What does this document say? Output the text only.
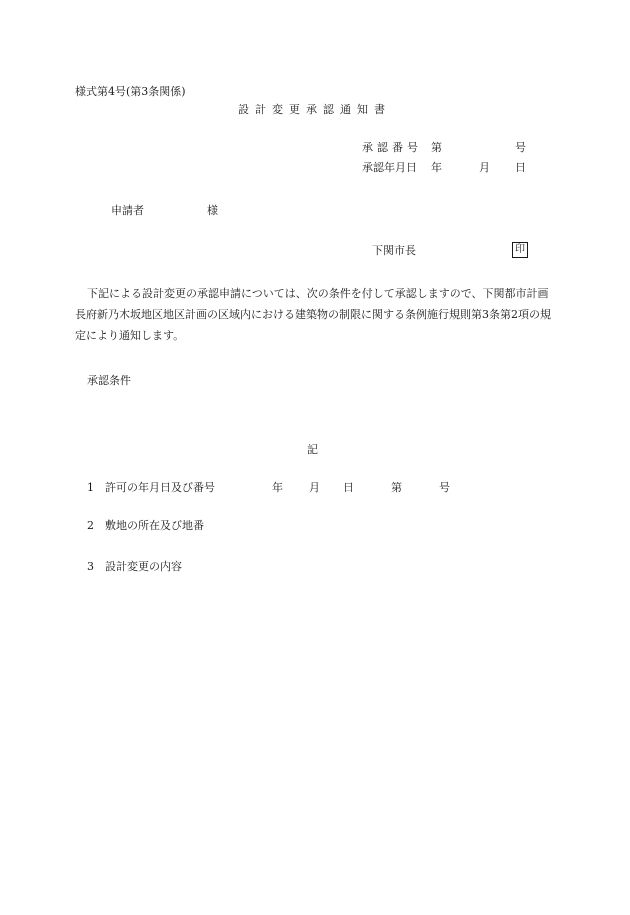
様式第4号(第3条関係)
設計変更承認通知書
承認番号 第	号
承認年月日 年	月 日
申請者	様
下関市長	印
下記による設計変更の承認申請については、次の条件を付して承認しますので、下関都市計画長府新乃木坂地区地区計画の区域内における建築物の制限に関する条例施行規則第3条第2項の規定により通知します。
承認条件
記
1 許可の年月日及び番号	年 月 日	第	号
2 敷地の所在及び地番
3 設計変更の内容
